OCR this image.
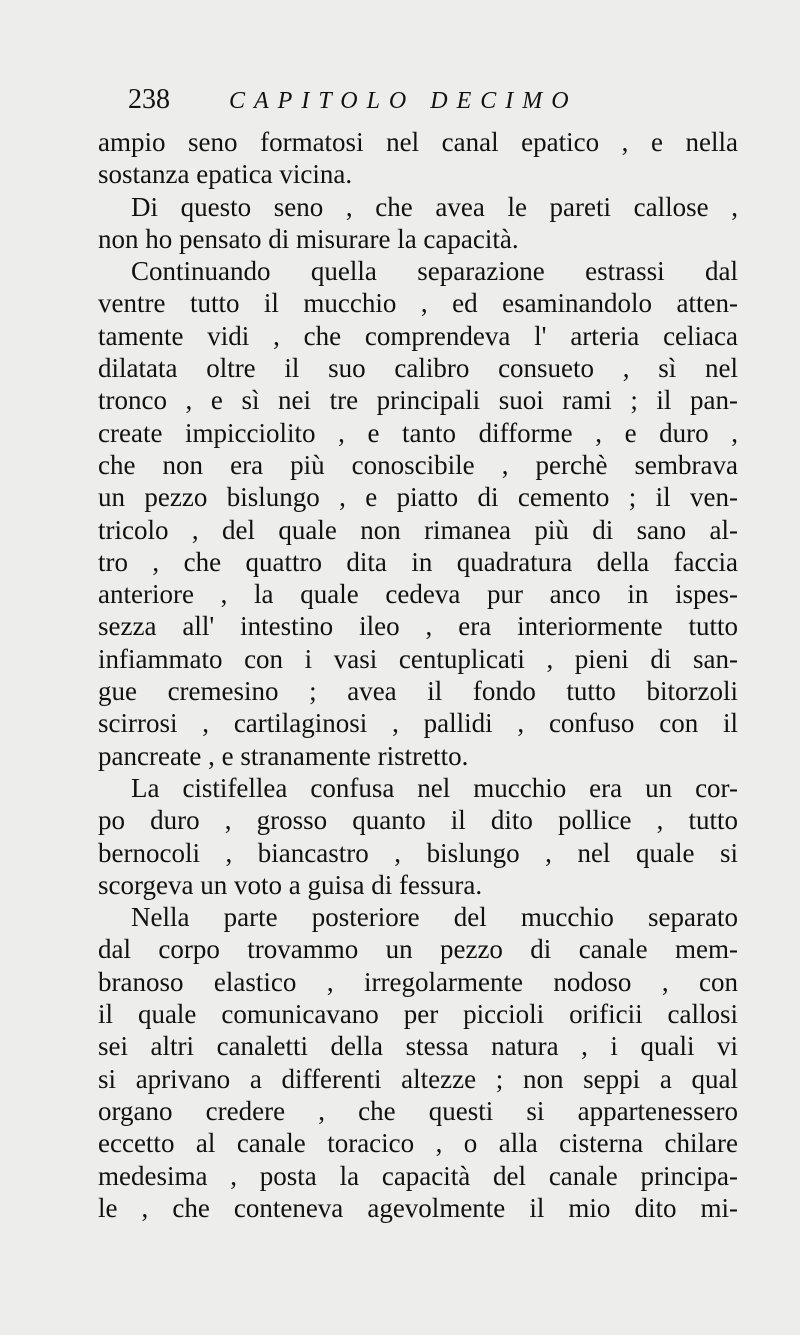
238 CAPITOLO DECIMO
ampio seno formatosi nel canal epatico , e nella
sostanza epatica vicina.
Di questo seno , che avea le pareti callose ,
non ho pensato di misurare la capacità.
Continuando quella separazione estrassi dal
ventre tutto il mucchio , ed esaminandolo atten-
tamente vidi , che comprendeva l' arteria celiaca
dilatata oltre il suo calibro consueto , sì nel
tronco , e sì nei tre principali suoi rami ; il pan-
create impicciolito , e tanto difforme , e duro ,
che non era più conoscibile , perchè sembrava
un pezzo bislungo , e piatto di cemento ; il ven-
tricolo , del quale non rimanea più di sano al-
tro , che quattro dita in quadratura della faccia
anteriore , la quale cedeva pur anco in ispes-
sezza all' intestino ileo , era interiormente tutto
infiammato con i vasi centuplicati , pieni di san-
gue cremesino ; avea il fondo tutto bitorzoli
scirrosi , cartilaginosi , pallidi , confuso con il
pancreate , e stranamente ristretto.
La cistifellea confusa nel mucchio era un cor-
po duro , grosso quanto il dito pollice , tutto
bernocoli , biancastro , bislungo , nel quale si
scorgeva un voto a guisa di fessura.
Nella parte posteriore del mucchio separato
dal corpo trovammo un pezzo di canale mem-
branoso elastico , irregolarmente nodoso , con
il quale comunicavano per piccioli orificii callosi
sei altri canaletti della stessa natura , i quali vi
si aprivano a differenti altezze ; non seppi a qual
organo credere , che questi si appartenessero
eccetto al canale toracico , o alla cisterna chilare
medesima , posta la capacità del canale principa-
le , che conteneva agevolmente il mio dito mi-
